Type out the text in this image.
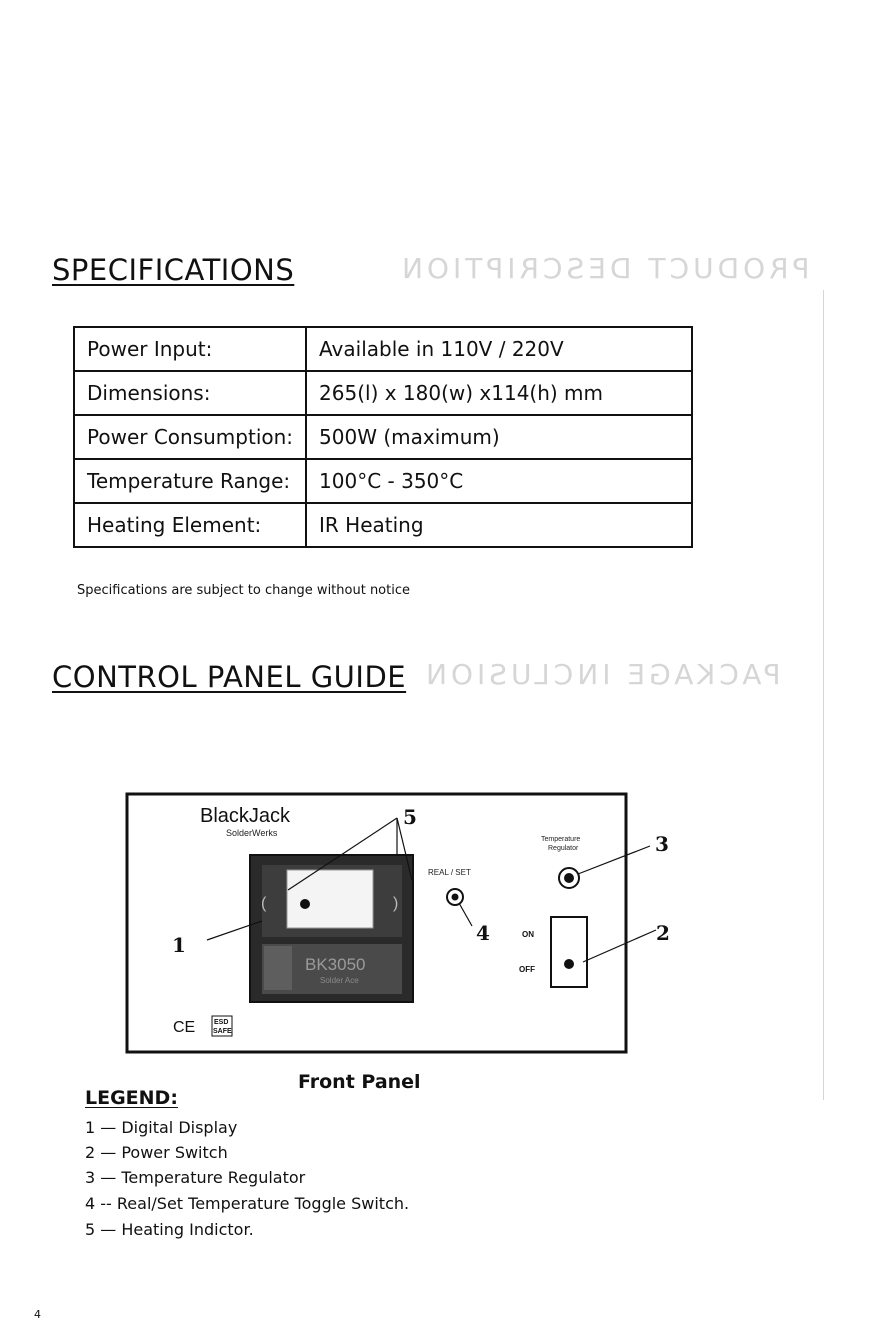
PRODUCT DESCRIPTION
PACKAGE INCLUSION
SPECIFICATIONS
Power Input:	Available in 110V / 220V
Dimensions:	265(l) x 180(w) x114(h) mm
Power Consumption:	500W (maximum)
Temperature Range:	100°C - 350°C
Heating Element:	IR Heating
Specifications are subject to change without notice
CONTROL PANEL GUIDE
BlackJack
SolderWerks
(	)
BK3050
Solder Ace
CE	ESD
SAFE
REAL / SET
Temperature
Regulator
ON
OFF
1	2
3
4
5
Front Panel
LEGEND:
1 — Digital Display
2 — Power Switch
3 — Temperature Regulator
4 -- Real/Set Temperature Toggle Switch.
5 — Heating Indictor.
4
